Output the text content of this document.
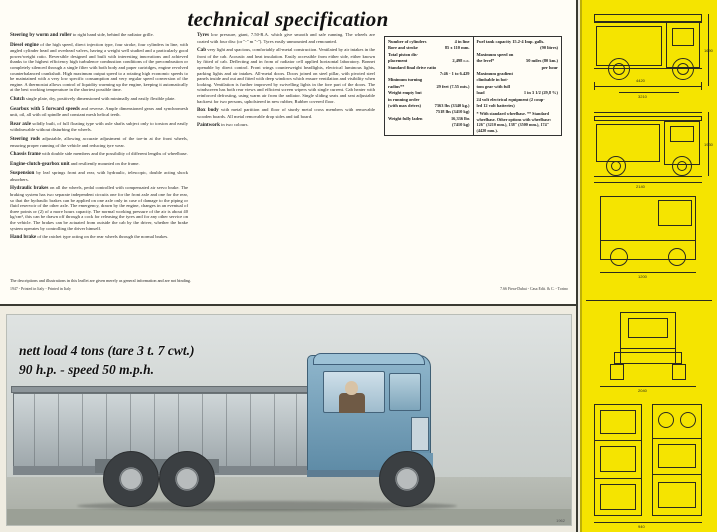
technical specification

Steering by worm and roller to right hand side, behind the radiator grille.

Diesel engine of the high speed, direct injection type, four stroke, four cylinders in line, with angled cylinder head and overhead valves, having a weight well studied and a particularly good power/weight ratio. Reversible designed and built with interesting innovations and achieved thanks to the highest efficiency high turbulence combustion conditions of the precombustion or completely silenced through a single filter with both body and paper cartridges, engine revolved counterbalanced crankshaft. High maximum output speed to a rotating high economic speeds to be maintained with a very low specific consumption and very regular speed conversion of the engine. A thermostat allows control of liquidity warming up the engine, keeping it automatically at the best working temperature in the shortest possible time.

Clutch single plate, dry, positively dimensioned with minimally and easily flexible plate.

Gearbox with 5 forward speeds and reverse. Ample dimensioned gears and synchromesh unit, oil, all with oil spindle and constant mesh helical teeth.

Rear axle solidly built, of full floating type with axle shafts subject only to torsion and easily withdrawable without disturbing the wheels.

Steering rods adjustable, allowing accurate adjustment of the toe-in at the front wheels, ensuring proper running of the vehicle and reducing tyre wear.

Chassis frame with double side members and the possibility of different lengths of wheelbase.

Engine-clutch-gearbox unit and resiliently mounted on the frame.

Suspension by leaf springs front and rear, with hydraulic, telescopic, double acting shock absorbers.

Hydraulic brakes on all the wheels, pedal controlled with compensated air servo brake. The braking system has two separate independent circuits one for the front axle and one for the rear, so that the hydraulic brakes can be applied on one axle only in case of damage to the piping or fluid reservoir of the other axle. The emergency, drawn by the engine, changes in an eventual of three points or (2) of a more hours capacity. The normal working pressure of the air is about 40 kg/cm², this can be drawn off through a cock for releasing the tyres and for any other service on the vehicle. The brakes can be actuated from outside the cab by the driver, whether the brake system operates by controlling the driver himself.

Hand brake of the ratchet type acting on the rear wheels through the normal brakes.

Tyres low pressure, giant, 7.50-R.A. which give smooth and safe running. The wheels are coated with four disc (or "-" m "-"). Tyres easily unmounted and remounted.

Cab very light and spacious, comfortably all-metal construction. Ventilated by air intakes in the front of the cab. Acoustic and heat insulation. Easily accessible from either side, either known by fitted of cab. Deflecting and in from of radiator cell applied horizontal laboratory. Bonnet openable by direct control. Front wings counterweight headlights, electrical luminous lights, parking lights and air intakes. All-metal doors. Doors joined on steel pillar, with pivoted steel panels inside and out and fitted with deep windows which ensure ventilation and visibility when looking. Ventilation is further improved by swivelling lights in the fore part of the doors. The windscreen has both rear views and efficient screen wipers with single current. Cab heater with reinforced defrosting, using warm air from the radiator. Single sliding seats and seat adjustable backrest for two persons, upholstered in new rubber, Rubber covered floor.

Box body with metal partition and floor of sturdy metal cross members with removable wooden boards. All metal removable drop sides and tail board.

Paintwork in two colours.

Number of cylinders	4 in line
Bore and stroke	85 x 110 mm.
Total piston dis-
placement	2,498 c.c.
Standard final drive ratio
7:46 - 1 to 6.429
Minimum turning
radius**	29 feet (7.55 mts.)
Weight empty but
in running order
(with max drives)	7363 lbs (3340 kg.)
7518 lbs (3410 kg)
Weight fully laden	16,336 lbs
(7410 kg)
Fuel tank capacity 15.2-4 Imp. galls.
(90 litres)
Maximum speed on
the level*	50 miles (80 km.)
per hour
Maximum gradient
climbable in bot-
tom gear with full
load	1 in 3 1/2 (29,8 %)
24 volt electrical equipment (2 coup-
led 12 volt batteries)
* With standard wheelbase. ** Standard wheelbase. Other options with wheelbase: 126" (3210 mm.), 138" (3500 mm.), 174" (4420 mm.).
The descriptions and illustrations in this leaflet are given merely as general information and are not binding.
1947 - Printed in Italy - Printed in Italy	7.66 Fiera-Dubai - Casa Edit. & C. - Torino
nett load 4 tons (tare 3 t. 7 cwt.)
90 h.p. - speed 50 m.p.h.
1962
4420
3210
1690
2140
1930
1200
2040
940
